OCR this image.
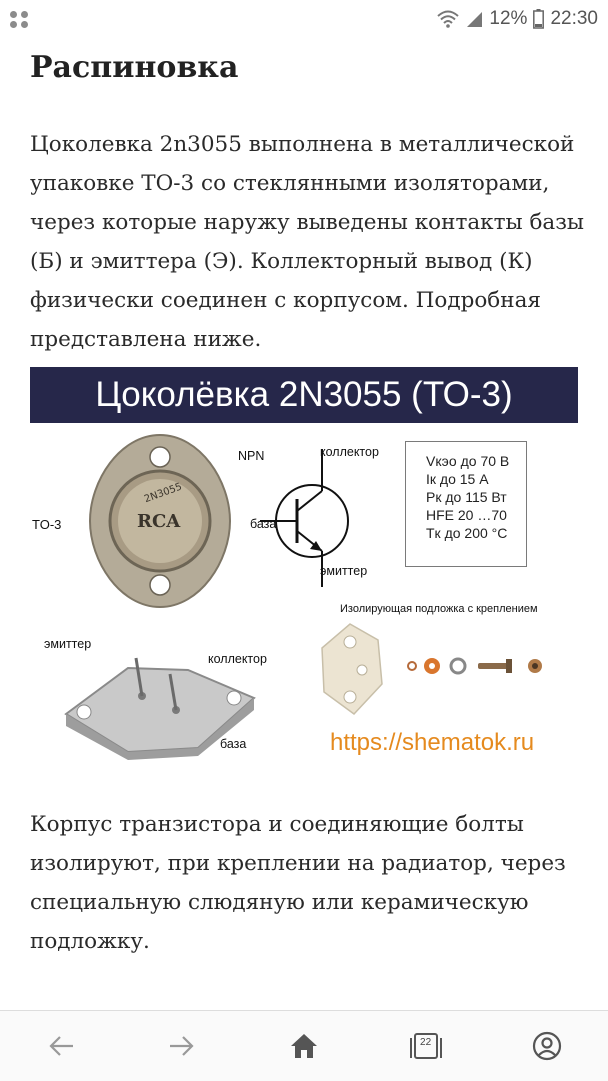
12% 22:30
Распиновка

Цоколевка 2n3055 выполнена в металлической упаковке ТО-3 со стеклянными изоляторами, через которые наружу выведены контакты базы (Б) и эмиттера (Э). Коллекторный вывод (К) физически соединен с корпусом. Подробная представлена ниже.

Цоколёвка 2N3055 (ТО-3)
RCA
2N3055
TO-3
NPN	коллектор
база
эмиттер
Vкэо до 70 В
Iк до 15 А
Pк до 115 Вт
HFE 20 …70
Tк до 200 °C
Изолирующая подложка с креплением
эмиттер
коллектор
база	https://shematok.ru

Корпус транзистора и соединяющие болты изолируют, при креплении на радиатор, через специальную слюдяную или керамическую подложку.

22
